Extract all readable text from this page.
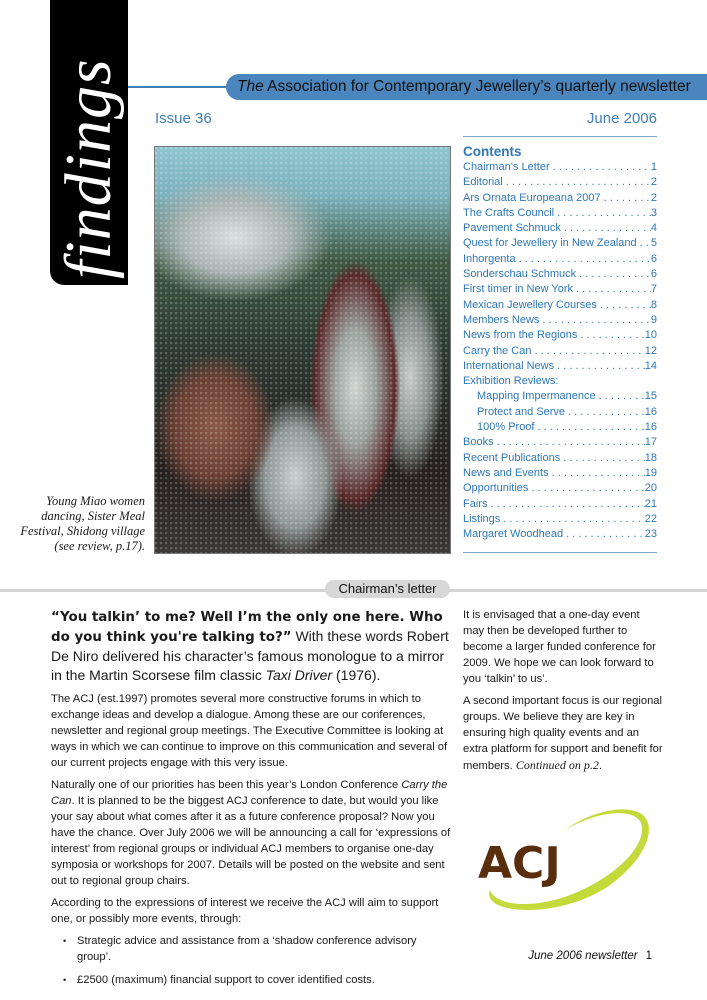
findings	The Association for Contemporary Jewellery’s quarterly newsletter
Issue 36	June 2006
Young Miao women dancing, Sister Meal Festival, Shidong village (see review, p.17).
Contents
Chairman’s Letter . . .	1
Editorial . . .	2
Ars Ornata Europeana 2007 . . .	2
The Crafts Council . . .	3
Pavement Schmuck . . .	4
Quest for Jewellery in New Zealand . . . 5
Inhorgenta . . .	6
Sonderschau Schmuck . . .	6
First timer in New York . . .	7
Mexican Jewellery Courses . . .	8
Members News . . .	9
News from the Regions . . .	10
Carry the Can . . .	12
International News . . .	14
Exhibition Reviews:
Mapping Impermanence . . .	15
Protect and Serve . . .	16
100% Proof . . .	16
Books . . .	17
Recent Publications . . .	18
News and Events . . .	19
Opportunities . . .	20
Fairs . . .	21
Listings . . .	22
Margaret Woodhead . . .	23
Chairman’s letter

“You talkin’ to me? Well I’m the only one here. Who do you think you're talking to?” With these words Robert De Niro delivered his character’s famous monologue to a mirror in the Martin Scorsese film classic Taxi Driver (1976).

The ACJ (est.1997) promotes several more constructive forums in which to exchange ideas and develop a dialogue. Among these are our conferences, newsletter and regional group meetings. The Executive Committee is looking at ways in which we can continue to improve on this communication and several of our current projects engage with this very issue.

Naturally one of our priorities has been this year’s London Conference Carry the Can. It is planned to be the biggest ACJ conference to date, but would you like your say about what comes after it as a future conference proposal? Now you have the chance. Over July 2006 we will be announcing a call for ‘expressions of interest’ from regional groups or individual ACJ members to organise one-day symposia or workshops for 2007. Details will be posted on the website and sent out to regional group chairs.

According to the expressions of interest we receive the ACJ will aim to support one, or possibly more events, through:

• Strategic advice and assistance from a ‘shadow conference advisory group’.
• £2500 (maximum) financial support to cover identified costs.

It is envisaged that a one-day event may then be developed further to become a larger funded conference for 2009. We hope we can look forward to you ‘talkin’ to us’.

A second important focus is our regional groups. We believe they are key in ensuring high quality events and an extra platform for support and benefit for members. Continued on p.2.

ACJ
June 2006 newsletter 1
